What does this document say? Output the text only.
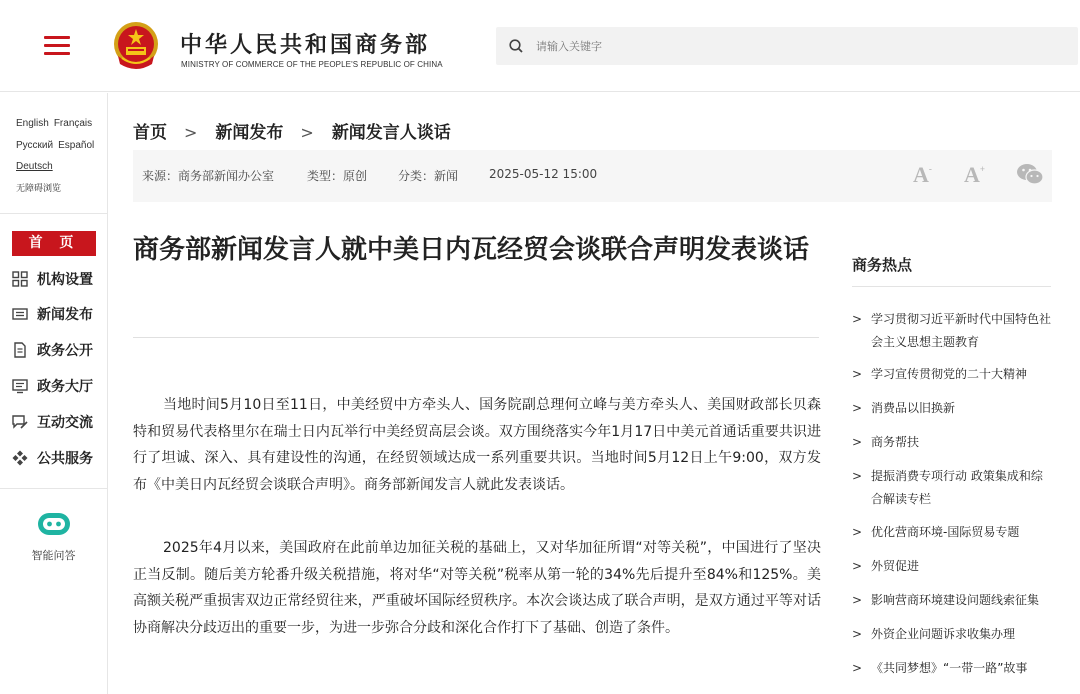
中华人民共和国商务部
MINISTRY OF COMMERCE OF THE PEOPLE'S REPUBLIC OF CHINA
请输入关键字
English Français
Русский Español
Deutsch
无障碍浏览
首 页
机构设置
新闻发布
政务公开
政务大厅
互动交流
公共服务
智能问答
首页 > 新闻发布 > 新闻发言人谈话
来源：商务部新闻办公室	类型：原创	分类：新闻	2025-05-12 15:00	A- A+
商务部新闻发言人就中美日内瓦经贸会谈联合声明发表谈话

当地时间5月10日至11日，中美经贸中方牵头人、国务院副总理何立峰与美方牵头人、美国财政部长贝森特和贸易代表格里尔在瑞士日内瓦举行中美经贸高层会谈。双方围绕落实今年1月17日中美元首通话重要共识进行了坦诚、深入、具有建设性的沟通，在经贸领域达成一系列重要共识。当地时间5月12日上午9:00，双方发布《中美日内瓦经贸会谈联合声明》。商务部新闻发言人就此发表谈话。

2025年4月以来，美国政府在此前单边加征关税的基础上，又对华加征所谓“对等关税”，中国进行了坚决正当反制。随后美方轮番升级关税措施，将对华“对等关税”税率从第一轮的34%先后提升至84%和125%。美高额关税严重损害双边正常经贸往来，严重破坏国际经贸秩序。本次会谈达成了联合声明，是双方通过平等对话协商解决分歧迈出的重要一步，为进一步弥合分歧和深化合作打下了基础、创造了条件。

商务热点
> 学习贯彻习近平新时代中国特色社会主义思想主题教育
> 学习宣传贯彻党的二十大精神
> 消费品以旧换新
> 商务帮扶
> 提振消费专项行动 政策集成和综合解读专栏
> 优化营商环境-国际贸易专题
> 外贸促进
> 影响营商环境建设问题线索征集
> 外资企业问题诉求收集办理
> 《共同梦想》“一带一路”故事
